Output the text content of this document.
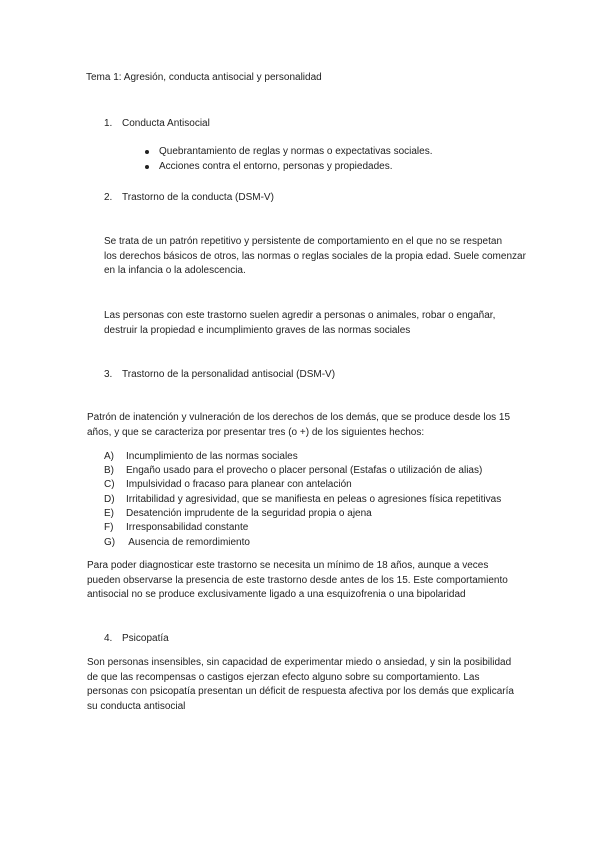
Tema 1: Agresión, conducta antisocial y personalidad

1. Conducta Antisocial

Quebrantamiento de reglas y normas o expectativas sociales.

Acciones contra el entorno, personas y propiedades.

2. Trastorno de la conducta (DSM-V)

Se trata de un patrón repetitivo y persistente de comportamiento en el que no se respetan
los derechos básicos de otros, las normas o reglas sociales de la propia edad. Suele comenzar
en la infancia o la adolescencia.
Las personas con este trastorno suelen agredir a personas o animales, robar o engañar,
destruir la propiedad e incumplimiento graves de las normas sociales
3. Trastorno de la personalidad antisocial (DSM-V)

Patrón de inatención y vulneración de los derechos de los demás, que se produce desde los 15
años, y que se caracteriza por presentar tres (o +) de los siguientes hechos:
A) Incumplimiento de las normas sociales
B) Engaño usado para el provecho o placer personal (Estafas o utilización de alias)
C) Impulsividad o fracaso para planear con antelación
D) Irritabilidad y agresividad, que se manifiesta en peleas o agresiones física repetitivas
E) Desatención imprudente de la seguridad propia o ajena
F) Irresponsabilidad constante
G) Ausencia de remordimiento
Para poder diagnosticar este trastorno se necesita un mínimo de 18 años, aunque a veces
pueden observarse la presencia de este trastorno desde antes de los 15. Este comportamiento
antisocial no se produce exclusivamente ligado a una esquizofrenia o una bipolaridad
4. Psicopatía

Son personas insensibles, sin capacidad de experimentar miedo o ansiedad, y sin la posibilidad
de que las recompensas o castigos ejerzan efecto alguno sobre su comportamiento. Las
personas con psicopatía presentan un déficit de respuesta afectiva por los demás que explicaría
su conducta antisocial
